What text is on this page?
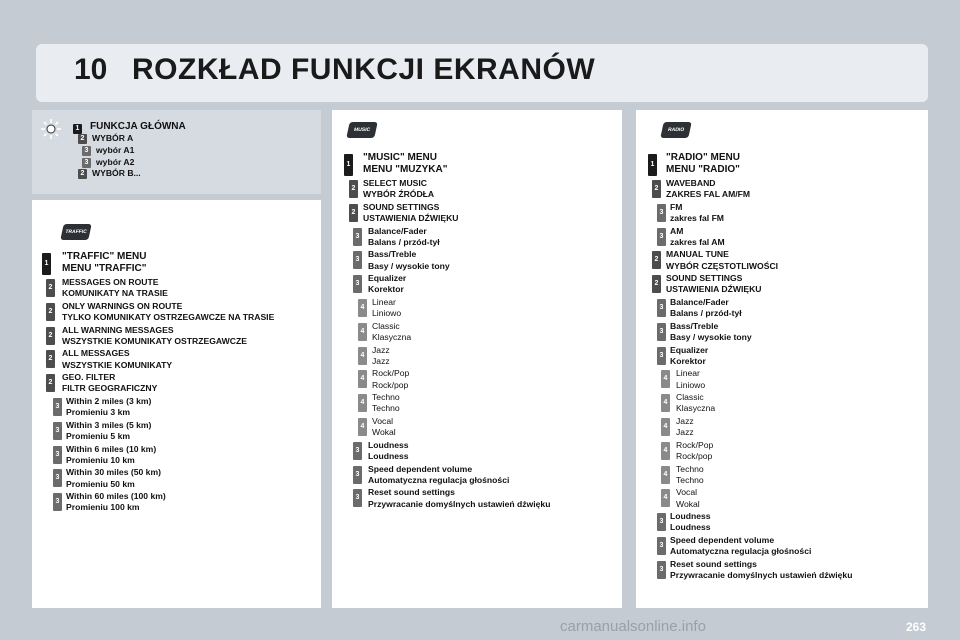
10 ROZKŁAD FUNKCJI EKRANÓW
1 FUNKCJA GŁÓWNA
2 WYBÓR A
3 wybór A1
3 wybór A2
2 WYBÓR B...
TRAFFIC
MUSIC	RADIO
1
"TRAFFIC" MENU
MENU "TRAFFIC"
2
MESSAGES ON ROUTE
KOMUNIKATY NA TRASIE
2
ONLY WARNINGS ON ROUTE
TYLKO KOMUNIKATY OSTRZEGAWCZE NA TRASIE
2
ALL WARNING MESSAGES
WSZYSTKIE KOMUNIKATY OSTRZEGAWCZE
2
ALL MESSAGES
WSZYSTKIE KOMUNIKATY
2
GEO. FILTER
FILTR GEOGRAFICZNY
3
Within 2 miles (3 km)
Promieniu 3 km
3
Within 3 miles (5 km)
Promieniu 5 km
3
Within 6 miles (10 km)
Promieniu 10 km
3
Within 30 miles (50 km)
Promieniu 50 km
3
Within 60 miles (100 km)
Promieniu 100 km
1
"MUSIC" MENU
MENU "MUZYKA"
2
SELECT MUSIC
WYBÓR ŹRÓDŁA
2
SOUND SETTINGS
USTAWIENIA DŹWIĘKU
3
Balance/Fader
Balans / przód-tył
3
Bass/Treble
Basy / wysokie tony
3
Equalizer
Korektor
4
Linear
Liniowo
4
Classic
Klasyczna
4
Jazz
Jazz
4
Rock/Pop
Rock/pop
4
Techno
Techno
4
Vocal
Wokal
3
Loudness
Loudness
3
Speed dependent volume
Automatyczna regulacja głośności
3
Reset sound settings
Przywracanie domyślnych ustawień dźwięku
1
"RADIO" MENU
MENU "RADIO"
2
WAVEBAND
ZAKRES FAL AM/FM
3
FM
zakres fal FM
3
AM
zakres fal AM
2
MANUAL TUNE
WYBÓR CZĘSTOTLIWOŚCI
2
SOUND SETTINGS
USTAWIENIA DŹWIĘKU
3
Balance/Fader
Balans / przód-tył
3
Bass/Treble
Basy / wysokie tony
3
Equalizer
Korektor
4
Linear
Liniowo
4
Classic
Klasyczna
4
Jazz
Jazz
4
Rock/Pop
Rock/pop
4
Techno
Techno
4
Vocal
Wokal
3
Loudness
Loudness
3
Speed dependent volume
Automatyczna regulacja głośności
3
Reset sound settings
Przywracanie domyślnych ustawień dźwięku
263
carmanualsonline.info
